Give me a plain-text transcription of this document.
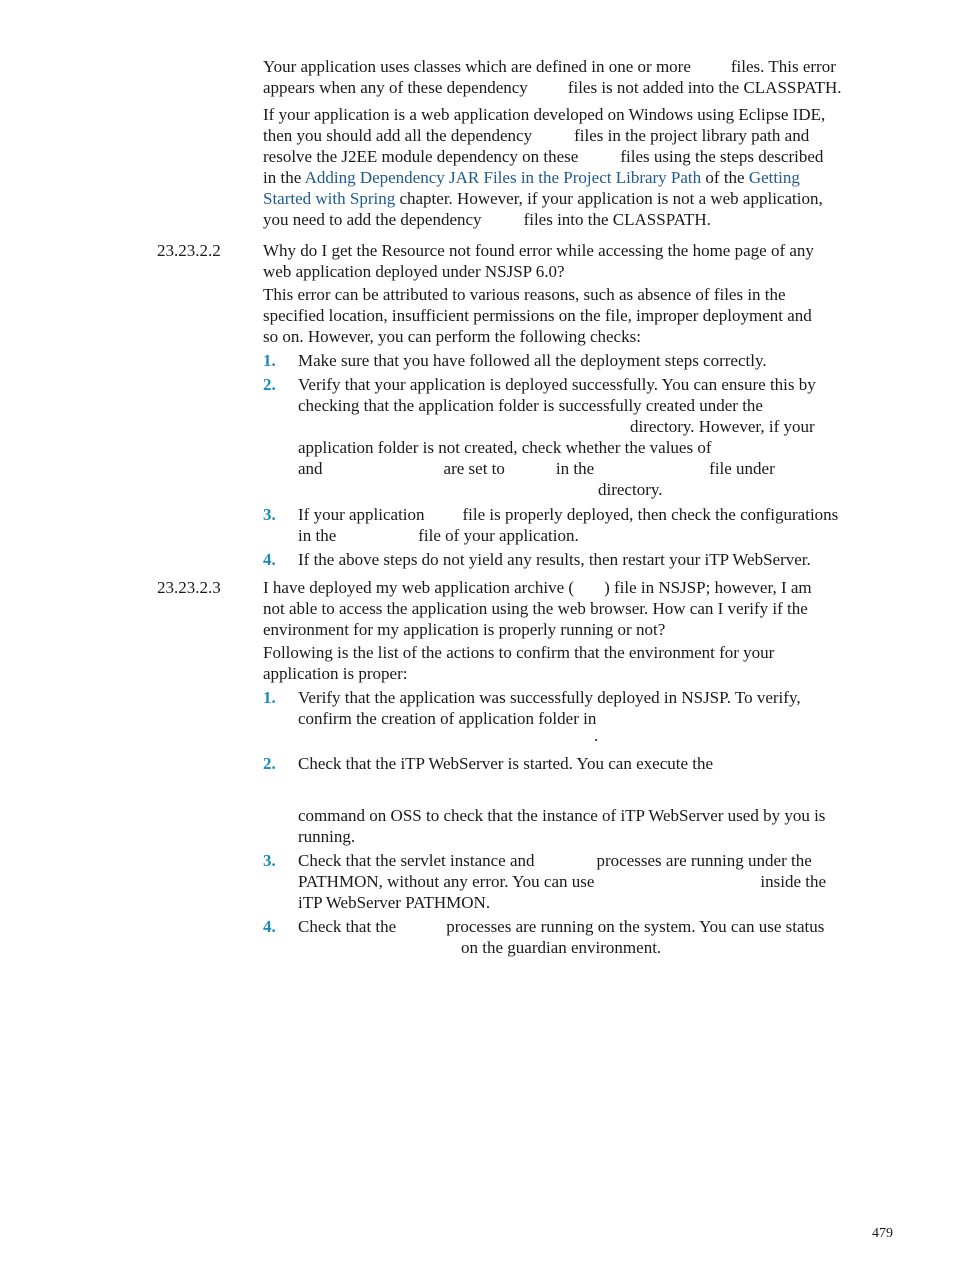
Your application uses classes which are defined in one or more files. This error
appears when any of these dependency files is not added into the CLASSPATH.
If your application is a web application developed on Windows using Eclipse IDE,
then you should add all the dependency files in the project library path and
resolve the J2EE module dependency on these files using the steps described
in the Adding Dependency JAR Files in the Project Library Path of the Getting
Started with Spring chapter. However, if your application is not a web application,
you need to add the dependency files into the CLASSPATH.
23.23.2.2	Why do I get the Resource not found error while accessing the home page of any
web application deployed under NSJSP 6.0?
This error can be attributed to various reasons, such as absence of files in the
specified location, insufficient permissions on the file, improper deployment and
so on. However, you can perform the following checks:
1.	Make sure that you have followed all the deployment steps correctly.
2.	Verify that your application is deployed successfully. You can ensure this by
checking that the application folder is successfully created under the
directory. However, if your
application folder is not created, check whether the values of
and	are set to	in the	file under
directory.
3.	If your application file is properly deployed, then check the configurations
in the	file of your application.
4.	If the above steps do not yield any results, then restart your iTP WebServer.
23.23.2.3	I have deployed my web application archive ( ) file in NSJSP; however, I am
not able to access the application using the web browser. How can I verify if the
environment for my application is properly running or not?
Following is the list of the actions to confirm that the environment for your
application is proper:
1.	Verify that the application was successfully deployed in NSJSP. To verify,
confirm the creation of application folder in
.
2.	Check that the iTP WebServer is started. You can execute the
command on OSS to check that the instance of iTP WebServer used by you is
running.
3.	Check that the servlet instance and	processes are running under the
PATHMON, without any error. You can use	inside the
iTP WebServer PATHMON.
4.	Check that the	processes are running on the system. You can use status
on the guardian environment.
479
